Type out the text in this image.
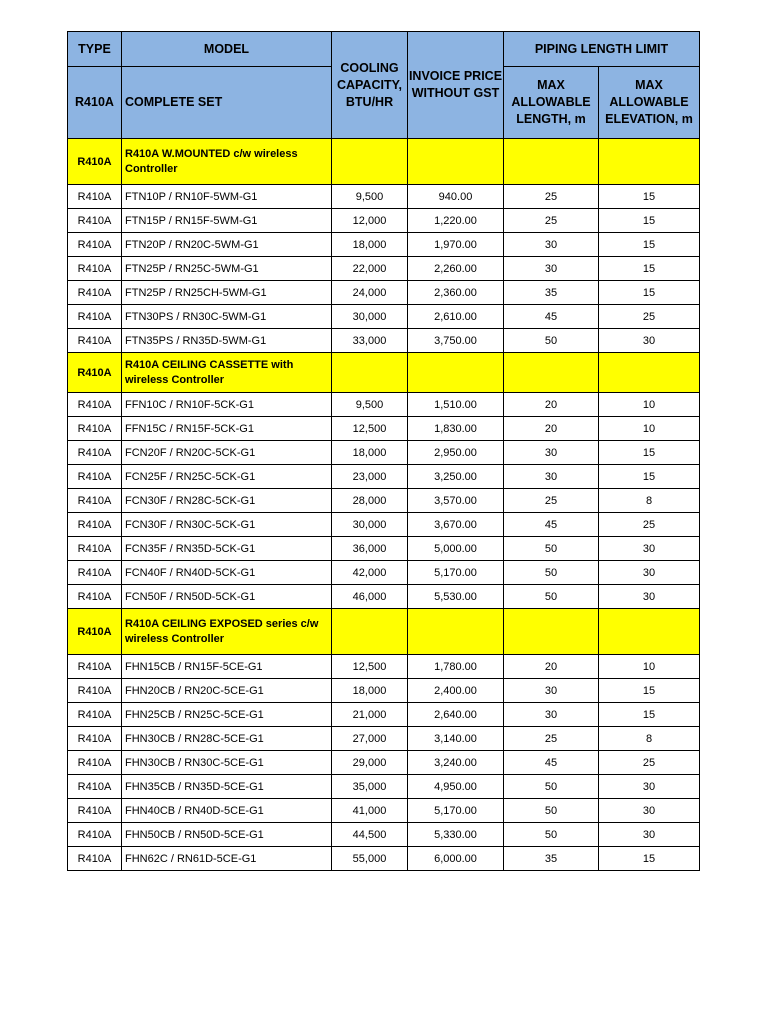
TYPE	MODEL	COOLING CAPACITY, BTU/HR	INVOICE PRICE WITHOUT GST	PIPING LENGTH LIMIT	
R410A	COMPLETE SET			MAX ALLOWABLE LENGTH, m	MAX ALLOWABLE ELEVATION, m
R410A	R410A W.MOUNTED c/w wireless Controller				
R410A	FTN10P / RN10F-5WM-G1	9,500	940.00	25	15
R410A	FTN15P / RN15F-5WM-G1	12,000	1,220.00	25	15
R410A	FTN20P / RN20C-5WM-G1	18,000	1,970.00	30	15
R410A	FTN25P / RN25C-5WM-G1	22,000	2,260.00	30	15
R410A	FTN25P / RN25CH-5WM-G1	24,000	2,360.00	35	15
R410A	FTN30PS / RN30C-5WM-G1	30,000	2,610.00	45	25
R410A	FTN35PS / RN35D-5WM-G1	33,000	3,750.00	50	30
R410A	R410A CEILING CASSETTE with wireless Controller				
R410A	FFN10C / RN10F-5CK-G1	9,500	1,510.00	20	10
R410A	FFN15C / RN15F-5CK-G1	12,500	1,830.00	20	10
R410A	FCN20F / RN20C-5CK-G1	18,000	2,950.00	30	15
R410A	FCN25F / RN25C-5CK-G1	23,000	3,250.00	30	15
R410A	FCN30F / RN28C-5CK-G1	28,000	3,570.00	25	8
R410A	FCN30F / RN30C-5CK-G1	30,000	3,670.00	45	25
R410A	FCN35F / RN35D-5CK-G1	36,000	5,000.00	50	30
R410A	FCN40F / RN40D-5CK-G1	42,000	5,170.00	50	30
R410A	FCN50F / RN50D-5CK-G1	46,000	5,530.00	50	30
R410A	R410A CEILING EXPOSED series c/w wireless Controller				
R410A	FHN15CB / RN15F-5CE-G1	12,500	1,780.00	20	10
R410A	FHN20CB / RN20C-5CE-G1	18,000	2,400.00	30	15
R410A	FHN25CB / RN25C-5CE-G1	21,000	2,640.00	30	15
R410A	FHN30CB / RN28C-5CE-G1	27,000	3,140.00	25	8
R410A	FHN30CB / RN30C-5CE-G1	29,000	3,240.00	45	25
R410A	FHN35CB / RN35D-5CE-G1	35,000	4,950.00	50	30
R410A	FHN40CB / RN40D-5CE-G1	41,000	5,170.00	50	30
R410A	FHN50CB / RN50D-5CE-G1	44,500	5,330.00	50	30
R410A	FHN62C / RN61D-5CE-G1	55,000	6,000.00	35	15
